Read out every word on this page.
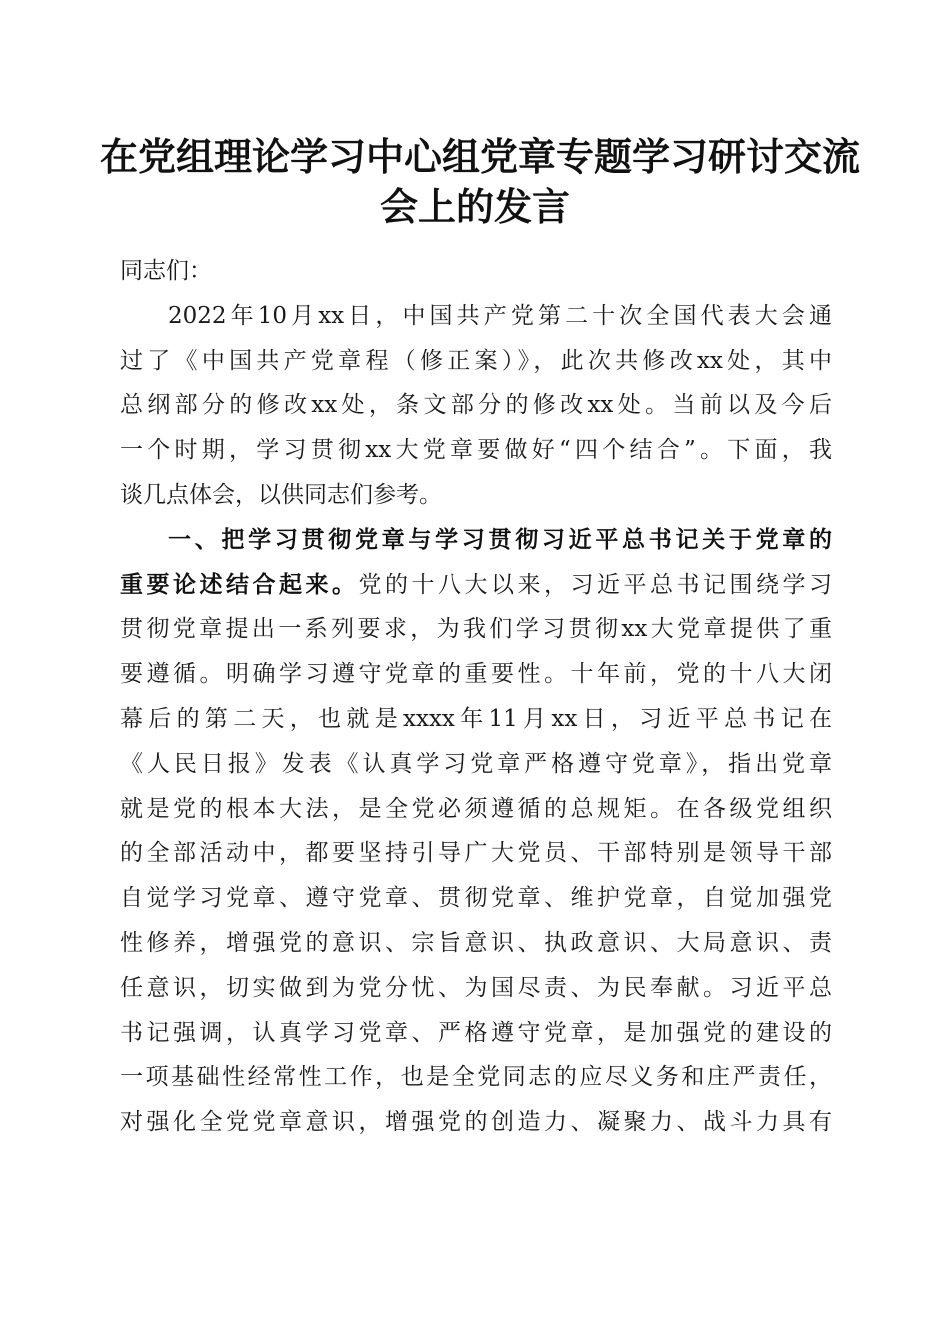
在党组理论学习中心组党章专题学习研讨交流
会上的发言

同志们：

2022年10月xx日，中国共产党第二十次全国代表大会通
过了《中国共产党章程（修正案）》，此次共修改xx处，其中
总纲部分的修改xx处，条文部分的修改xx处。当前以及今后
一个时期，学习贯彻xx大党章要做好“四个结合”。下面，我
谈几点体会，以供同志们参考。

一、把学习贯彻党章与学习贯彻习近平总书记关于党章的
重要论述结合起来。党的十八大以来，习近平总书记围绕学习
贯彻党章提出一系列要求，为我们学习贯彻xx大党章提供了重
要遵循。明确学习遵守党章的重要性。十年前，党的十八大闭
幕后的第二天，也就是xxxx年11月xx日，习近平总书记在
《人民日报》发表《认真学习党章严格遵守党章》，指出党章
就是党的根本大法，是全党必须遵循的总规矩。在各级党组织
的全部活动中，都要坚持引导广大党员、干部特别是领导干部
自觉学习党章、遵守党章、贯彻党章、维护党章，自觉加强党
性修养，增强党的意识、宗旨意识、执政意识、大局意识、责
任意识，切实做到为党分忧、为国尽责、为民奉献。习近平总
书记强调，认真学习党章、严格遵守党章，是加强党的建设的
一项基础性经常性工作，也是全党同志的应尽义务和庄严责任，
对强化全党党章意识，增强党的创造力、凝聚力、战斗力具有
